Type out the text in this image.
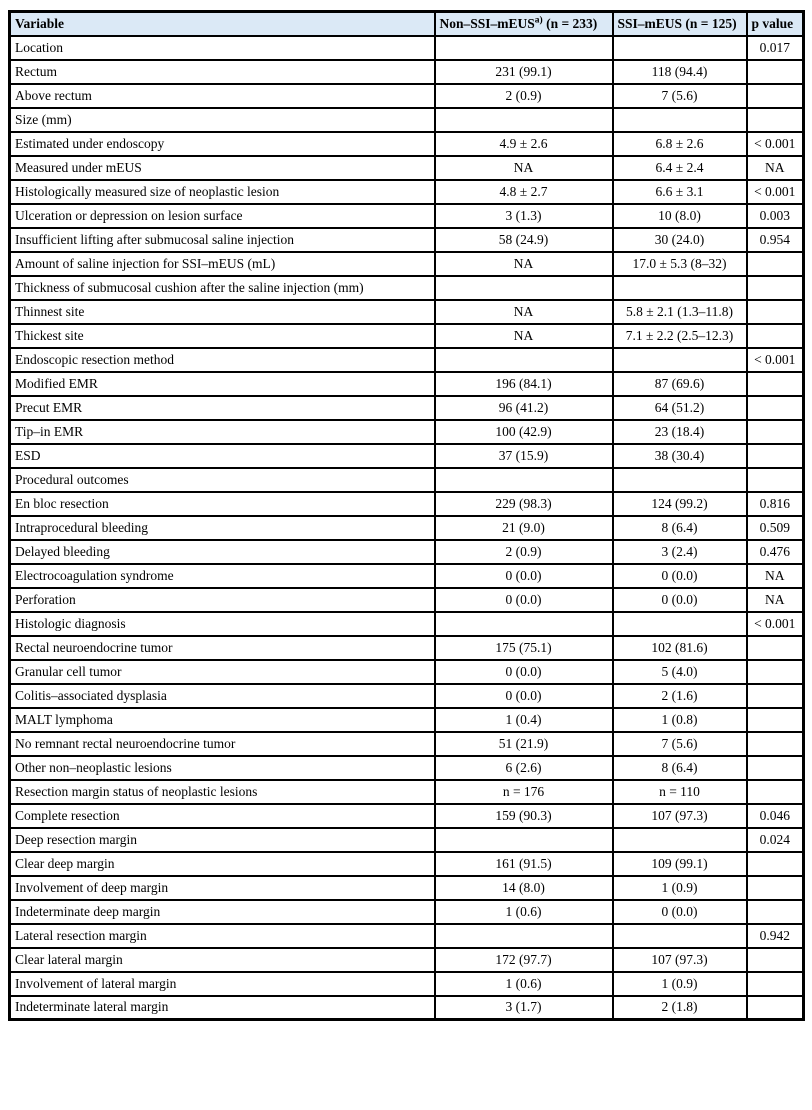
Variable	Non–SSI–mEUS$^{a)}$ (n = 233)	SSI–mEUS (n = 125)	p value
Location			0.017
Rectum	231 (99.1)	118 (94.4)	
Above rectum	2 (0.9)	7 (5.6)	
Size (mm)			
Estimated under endoscopy	4.9 ± 2.6	6.8 ± 2.6	< 0.001
Measured under mEUS	NA	6.4 ± 2.4	NA
Histologically measured size of neoplastic lesion	4.8 ± 2.7	6.6 ± 3.1	< 0.001
Ulceration or depression on lesion surface	3 (1.3)	10 (8.0)	0.003
Insufficient lifting after submucosal saline injection	58 (24.9)	30 (24.0)	0.954
Amount of saline injection for SSI–mEUS (mL)	NA	17.0 ± 5.3 (8–32)	
Thickness of submucosal cushion after the saline injection (mm)			
Thinnest site	NA	5.8 ± 2.1 (1.3–11.8)	
Thickest site	NA	7.1 ± 2.2 (2.5–12.3)	
Endoscopic resection method			< 0.001
Modified EMR	196 (84.1)	87 (69.6)	
Precut EMR	96 (41.2)	64 (51.2)	
Tip–in EMR	100 (42.9)	23 (18.4)	
ESD	37 (15.9)	38 (30.4)	
Procedural outcomes			
En bloc resection	229 (98.3)	124 (99.2)	0.816
Intraprocedural bleeding	21 (9.0)	8 (6.4)	0.509
Delayed bleeding	2 (0.9)	3 (2.4)	0.476
Electrocoagulation syndrome	0 (0.0)	0 (0.0)	NA
Perforation	0 (0.0)	0 (0.0)	NA
Histologic diagnosis			< 0.001
Rectal neuroendocrine tumor	175 (75.1)	102 (81.6)	
Granular cell tumor	0 (0.0)	5 (4.0)	
Colitis–associated dysplasia	0 (0.0)	2 (1.6)	
MALT lymphoma	1 (0.4)	1 (0.8)	
No remnant rectal neuroendocrine tumor	51 (21.9)	7 (5.6)	
Other non–neoplastic lesions	6 (2.6)	8 (6.4)	
Resection margin status of neoplastic lesions	n = 176	n = 110	
Complete resection	159 (90.3)	107 (97.3)	0.046
Deep resection margin			0.024
Clear deep margin	161 (91.5)	109 (99.1)	
Involvement of deep margin	14 (8.0)	1 (0.9)	
Indeterminate deep margin	1 (0.6)	0 (0.0)	
Lateral resection margin			0.942
Clear lateral margin	172 (97.7)	107 (97.3)	
Involvement of lateral margin	1 (0.6)	1 (0.9)	
Indeterminate lateral margin	3 (1.7)	2 (1.8)	
